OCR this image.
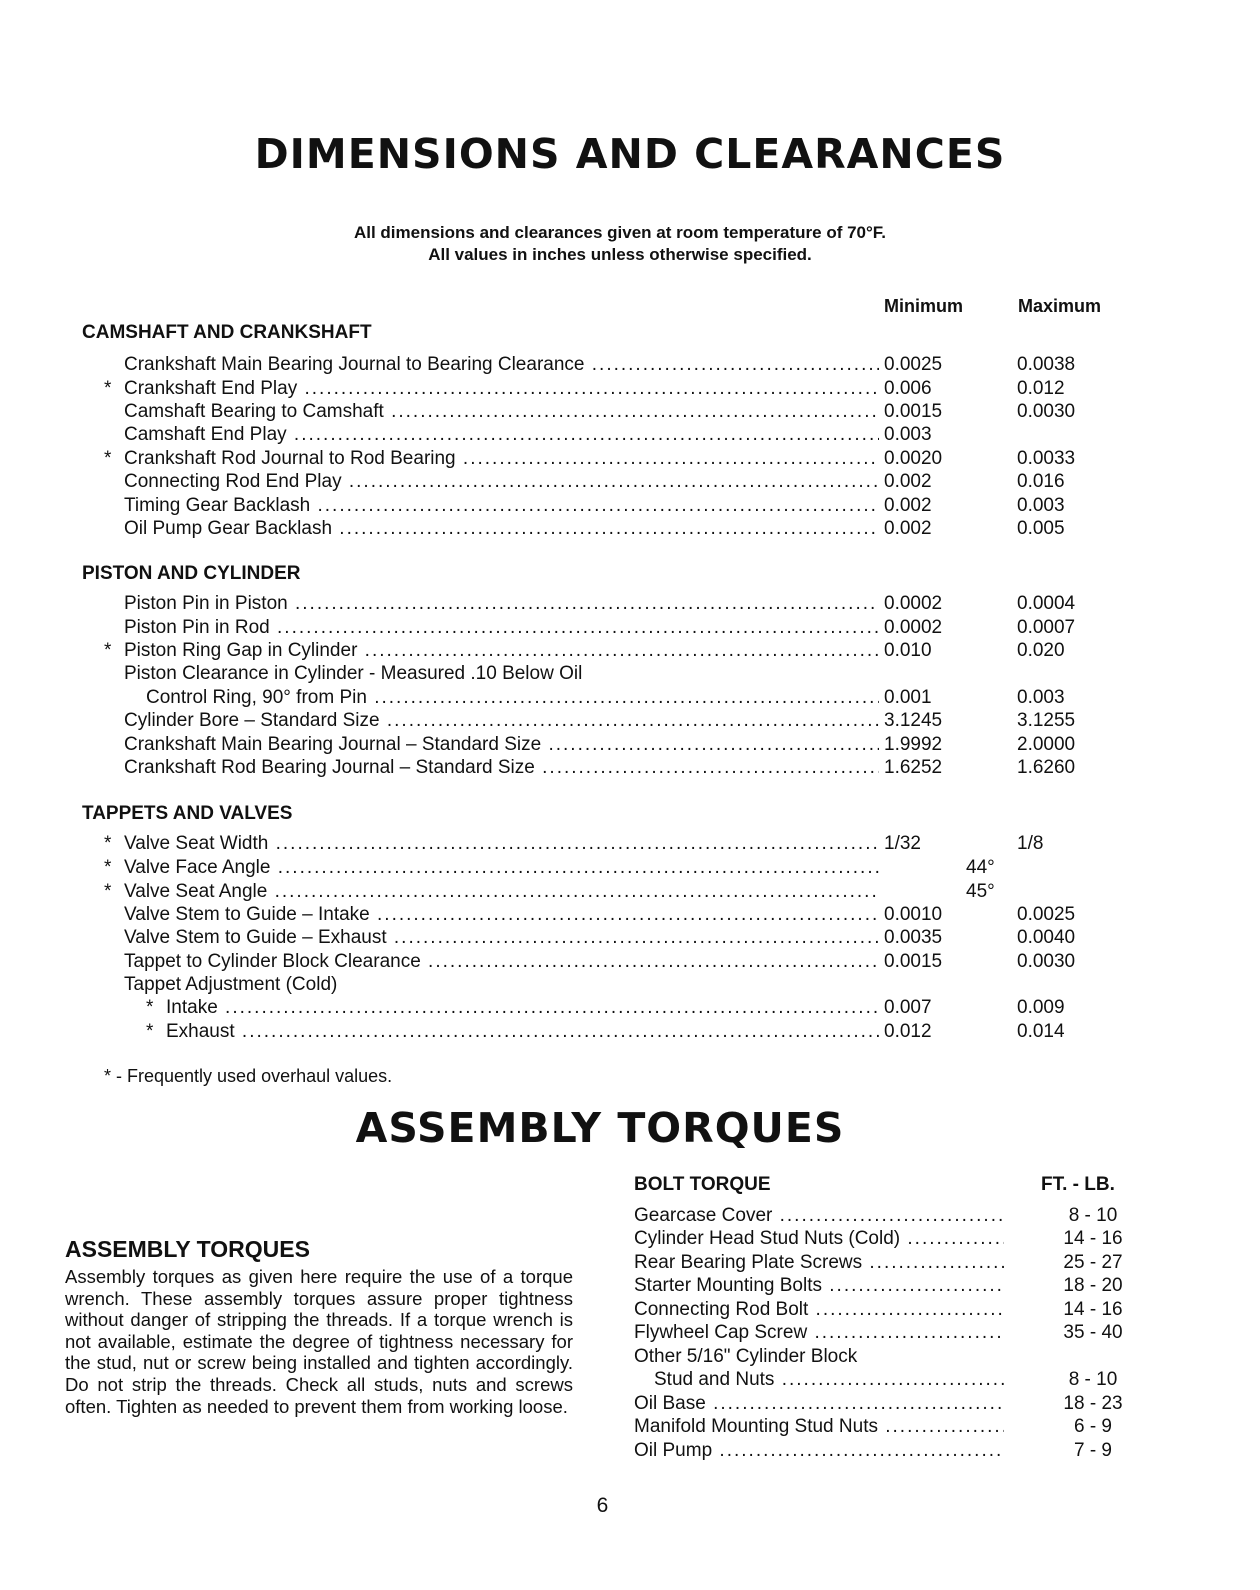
DIMENSIONS AND CLEARANCES
All dimensions and clearances given at room temperature of 70°F.
All values in inches unless otherwise specified.
Minimum	Maximum
CAMSHAFT AND CRANKSHAFT
Crankshaft Main Bearing Journal to Bearing Clearance .....	0.0025	0.0038
* Crankshaft End Play .....	0.006	0.012
Camshaft Bearing to Camshaft .....	0.0015	0.0030
Camshaft End Play .....	0.003
* Crankshaft Rod Journal to Rod Bearing .....	0.0020	0.0033
Connecting Rod End Play .....	0.002	0.016
Timing Gear Backlash .....	0.002	0.003
Oil Pump Gear Backlash .....	0.002	0.005
PISTON AND CYLINDER
Piston Pin in Piston .....	0.0002	0.0004
Piston Pin in Rod .....	0.0002	0.0007
* Piston Ring Gap in Cylinder .....	0.010	0.020
Piston Clearance in Cylinder - Measured .10 Below Oil
Control Ring, 90° from Pin .....	0.001	0.003
Cylinder Bore – Standard Size .....	3.1245	3.1255
Crankshaft Main Bearing Journal – Standard Size .....	1.9992	2.0000
Crankshaft Rod Bearing Journal – Standard Size .....	1.6252	1.6260
TAPPETS AND VALVES
* Valve Seat Width .....	1/32	1/8
* Valve Face Angle .....	44°
* Valve Seat Angle .....	45°
Valve Stem to Guide – Intake .....	0.0010	0.0025
Valve Stem to Guide – Exhaust .....	0.0035	0.0040
Tappet to Cylinder Block Clearance .....	0.0015	0.0030
Tappet Adjustment (Cold)
* Intake .....	0.007	0.009
* Exhaust .....	0.012	0.014
* - Frequently used overhaul values.
ASSEMBLY TORQUES
ASSEMBLY TORQUES

Assembly torques as given here require the use of a torque wrench. These assembly torques assure proper tightness without danger of stripping the threads. If a torque wrench is not available, estimate the degree of tightness necessary for the stud, nut or screw being installed and tighten accordingly. Do not strip the threads. Check all studs, nuts and screws often. Tighten as needed to prevent them from working loose.

BOLT TORQUE	FT. - LB.
Gearcase Cover .....	8 - 10
Cylinder Head Stud Nuts (Cold) .....	14 - 16
Rear Bearing Plate Screws .....	25 - 27
Starter Mounting Bolts .....	18 - 20
Connecting Rod Bolt .....	14 - 16
Flywheel Cap Screw .....	35 - 40
Other 5/16" Cylinder Block
Stud and Nuts .....	8 - 10
Oil Base .....	18 - 23
Manifold Mounting Stud Nuts .....	6 - 9
Oil Pump .....	7 - 9
6
